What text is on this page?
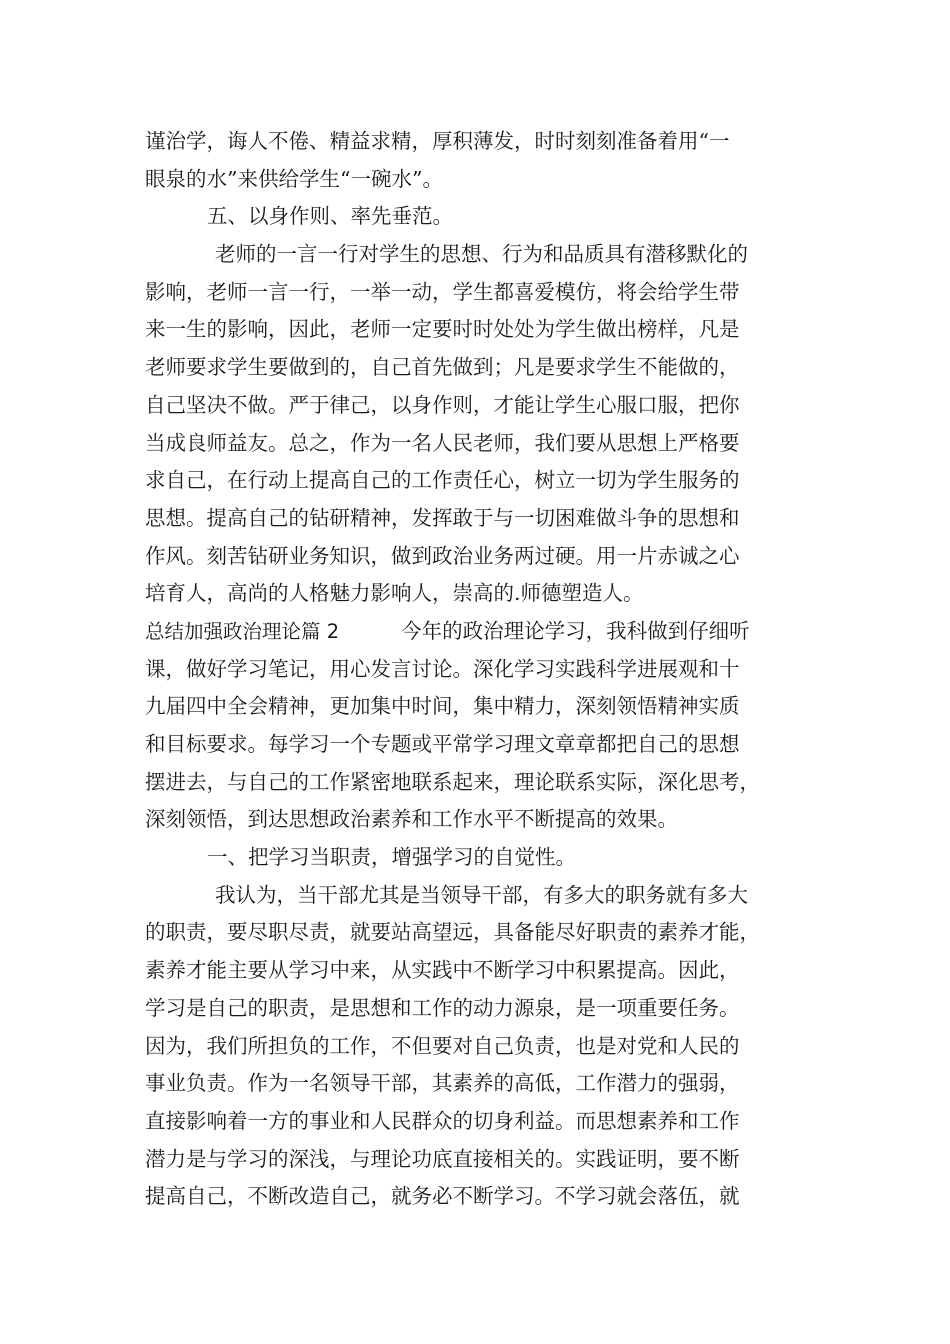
谨治学，诲人不倦、精益求精，厚积薄发，时时刻刻准备着用“一
眼泉的水”来供给学生“一碗水”。
五、以身作则、率先垂范。
老师的一言一行对学生的思想、行为和品质具有潜移默化的
影响，老师一言一行，一举一动，学生都喜爱模仿，将会给学生带
来一生的影响，因此，老师一定要时时处处为学生做出榜样，凡是
老师要求学生要做到的，自己首先做到；凡是要求学生不能做的，
自己坚决不做。严于律己，以身作则，才能让学生心服口服，把你
当成良师益友。总之，作为一名人民老师，我们要从思想上严格要
求自己，在行动上提高自己的工作责任心，树立一切为学生服务的
思想。提高自己的钻研精神，发挥敢于与一切困难做斗争的思想和
作风。刻苦钻研业务知识，做到政治业务两过硬。用一片赤诚之心
培育人，高尚的人格魅力影响人，崇高的.师德塑造人。
总结加强政治理论篇 2	今年的政治理论学习，我科做到仔细听
课，做好学习笔记，用心发言讨论。深化学习实践科学进展观和十
九届四中全会精神，更加集中时间，集中精力，深刻领悟精神实质
和目标要求。每学习一个专题或平常学习理文章章都把自己的思想
摆进去，与自己的工作紧密地联系起来，理论联系实际，深化思考，
深刻领悟，到达思想政治素养和工作水平不断提高的效果。
一、把学习当职责，增强学习的自觉性。
我认为，当干部尤其是当领导干部，有多大的职务就有多大
的职责，要尽职尽责，就要站高望远，具备能尽好职责的素养才能，
素养才能主要从学习中来，从实践中不断学习中积累提高。因此，
学习是自己的职责，是思想和工作的动力源泉，是一项重要任务。
因为，我们所担负的工作，不但要对自己负责，也是对党和人民的
事业负责。作为一名领导干部，其素养的高低，工作潜力的强弱，
直接影响着一方的事业和人民群众的切身利益。而思想素养和工作
潜力是与学习的深浅，与理论功底直接相关的。实践证明，要不断
提高自己，不断改造自己，就务必不断学习。不学习就会落伍，就
